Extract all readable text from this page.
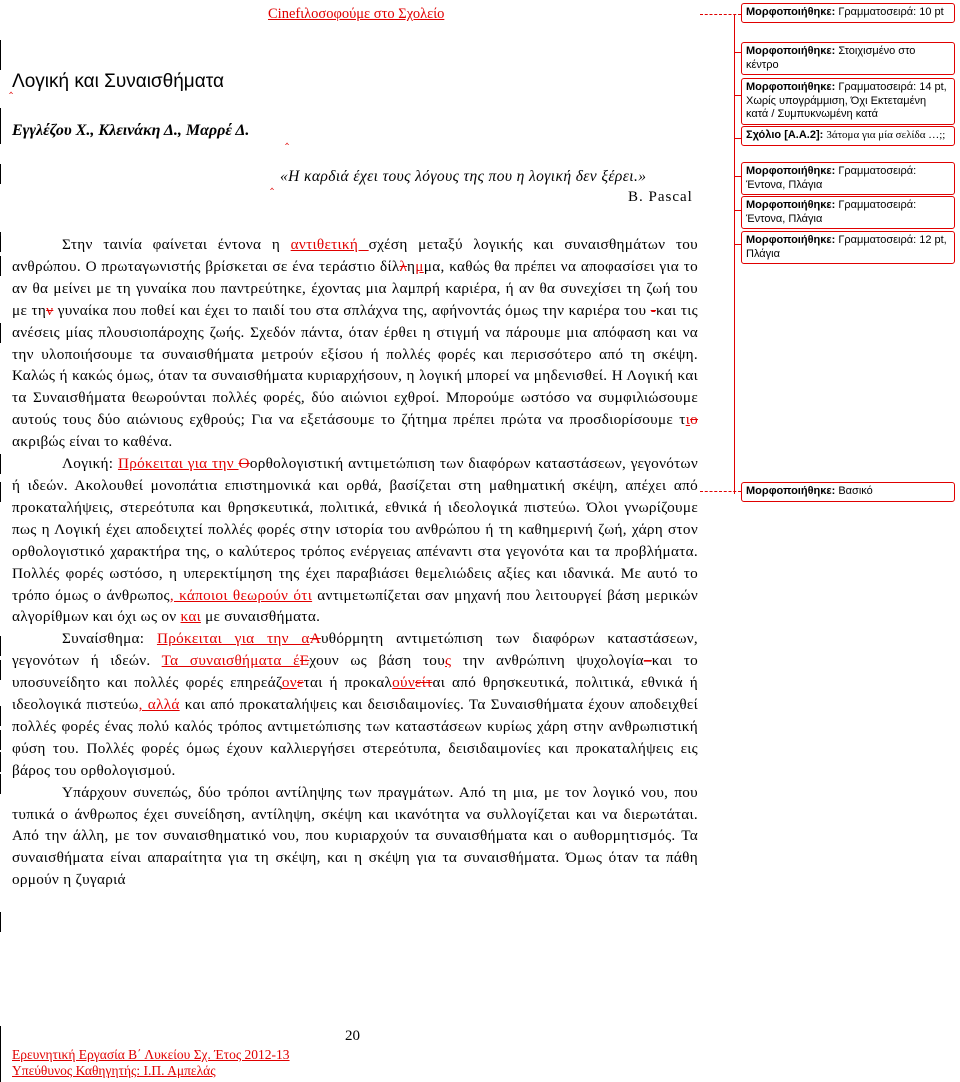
Cinefιλοσοφούμε στο Σχολείο
Λογική και Συναισθήματα
‸
Εγγλέζου Χ., Κλεινάκη Δ., Μαρρέ Δ.	‸
‸ «Η καρδιά έχει τους λόγους της που η λογική δεν ξέρει.»
B. Pascal

Στην ταινία φαίνεται έντονα η αντιθετική σχέση μεταξύ λογικής και συναισθημάτων του ανθρώπου. Ο πρωταγωνιστής βρίσκεται σε ένα τεράστιο δίλλημμα, καθώς θα πρέπει να αποφασίσει για το αν θα μείνει με τη γυναίκα που παντρεύτηκε, έχοντας μια λαμπρή καριέρα, ή αν θα συνεχίσει τη ζωή του με την γυναίκα που ποθεί και έχει το παιδί του στα σπλάχνα της, αφήνοντάς όμως την καριέρα του -και τις ανέσεις μίας πλουσιοπάροχης ζωής. Σχεδόν πάντα, όταν έρθει η στιγμή να πάρουμε μια απόφαση και να την υλοποιήσουμε τα συναισθήματα μετρούν εξίσου ή πολλές φορές και περισσότερο από τη σκέψη. Καλώς ή κακώς όμως, όταν τα συναισθήματα κυριαρχήσουν, η λογική μπορεί να μηδενισθεί. Η Λογική και τα Συναισθήματα θεωρούνται πολλές φορές, δύο αιώνιοι εχθροί. Μπορούμε ωστόσο να συμφιλιώσουμε αυτούς τους δύο αιώνιους εχθρούς; Για να εξετάσουμε το ζήτημα πρέπει πρώτα να προσδιορίσουμε τιο ακριβώς είναι το καθένα.

Λογική: Πρόκειται για την Οορθολογιστική αντιμετώπιση των διαφόρων καταστάσεων, γεγονότων ή ιδεών. Ακολουθεί μονοπάτια επιστημονικά και ορθά, βασίζεται στη μαθηματική σκέψη, απέχει από προκαταλήψεις, στερεότυπα και θρησκευτικά, πολιτικά, εθνικά ή ιδεολογικά πιστεύω. Όλοι γνωρίζουμε πως η Λογική έχει αποδειχτεί πολλές φορές στην ιστορία του ανθρώπου ή τη καθημερινή ζωή, χάρη στον ορθολογιστικό χαρακτήρα της, ο καλύτερος τρόπος ενέργειας απέναντι στα γεγονότα και τα προβλήματα. Πολλές φορές ωστόσο, η υπερεκτίμηση της έχει παραβιάσει θεμελιώδεις αξίες και ιδανικά. Με αυτό το τρόπο όμως ο άνθρωπος, κάποιοι θεωρούν ότι αντιμετωπίζεται σαν μηχανή που λειτουργεί βάση μερικών αλγορίθμων και όχι ως ον και με συναισθήματα.

Συναίσθημα: Πρόκειται για την αΑυθόρμητη αντιμετώπιση των διαφόρων καταστάσεων, γεγονότων ή ιδεών. Τα συναισθήματα έΕχουν ως βάση τους την ανθρώπινη ψυχολογία–και το υποσυνείδητο και πολλές φορές επηρεάζονεται ή προκαλούνείται από θρησκευτικά, πολιτικά, εθνικά ή ιδεολογικά πιστεύω, αλλά και από προκαταλήψεις και δεισιδαιμονίες. Τα Συναισθήματα έχουν αποδειχθεί πολλές φορές ένας πολύ καλός τρόπος αντιμετώπισης των καταστάσεων κυρίως χάρη στην ανθρωπιστική φύση του. Πολλές φορές όμως έχουν καλλιεργήσει στερεότυπα, δεισιδαιμονίες και προκαταλήψεις εις βάρος του ορθολογισμού.

Υπάρχουν συνεπώς, δύο τρόποι αντίληψης των πραγμάτων. Από τη μια, με τον λογικό νου, που τυπικά ο άνθρωπος έχει συνείδηση, αντίληψη, σκέψη και ικανότητα να συλλογίζεται και να διερωτάται. Από την άλλη, με τον συναισθηματικό νου, που κυριαρχούν τα συναισθήματα και ο αυθορμητισμός. Τα συναισθήματα είναι απαραίτητα για τη σκέψη, και η σκέψη για τα συναισθήματα. Όμως όταν τα πάθη ορμούν η ζυγαριά

20
Ερευνητική Εργασία Β΄ Λυκείου Σχ. Έτος 2012-13
Υπεύθυνος Καθηγητής: Ι.Π. Αμπελάς
Μορφοποιήθηκε: Γραμματοσειρά: 10 pt
Μορφοποιήθηκε: Στοιχισμένο στο κέντρο
Μορφοποιήθηκε: Γραμματοσειρά: 14 pt, Χωρίς υπογράμμιση, Όχι Εκτεταμένη κατά / Συμπυκνωμένη κατά
Σχόλιο [A.A.2]: 3άτομα για μία σελίδα …;;
Μορφοποιήθηκε: Γραμματοσειρά: Έντονα, Πλάγια
Μορφοποιήθηκε: Γραμματοσειρά: Έντονα, Πλάγια
Μορφοποιήθηκε: Γραμματοσειρά: 12 pt, Πλάγια
Μορφοποιήθηκε: Βασικό
